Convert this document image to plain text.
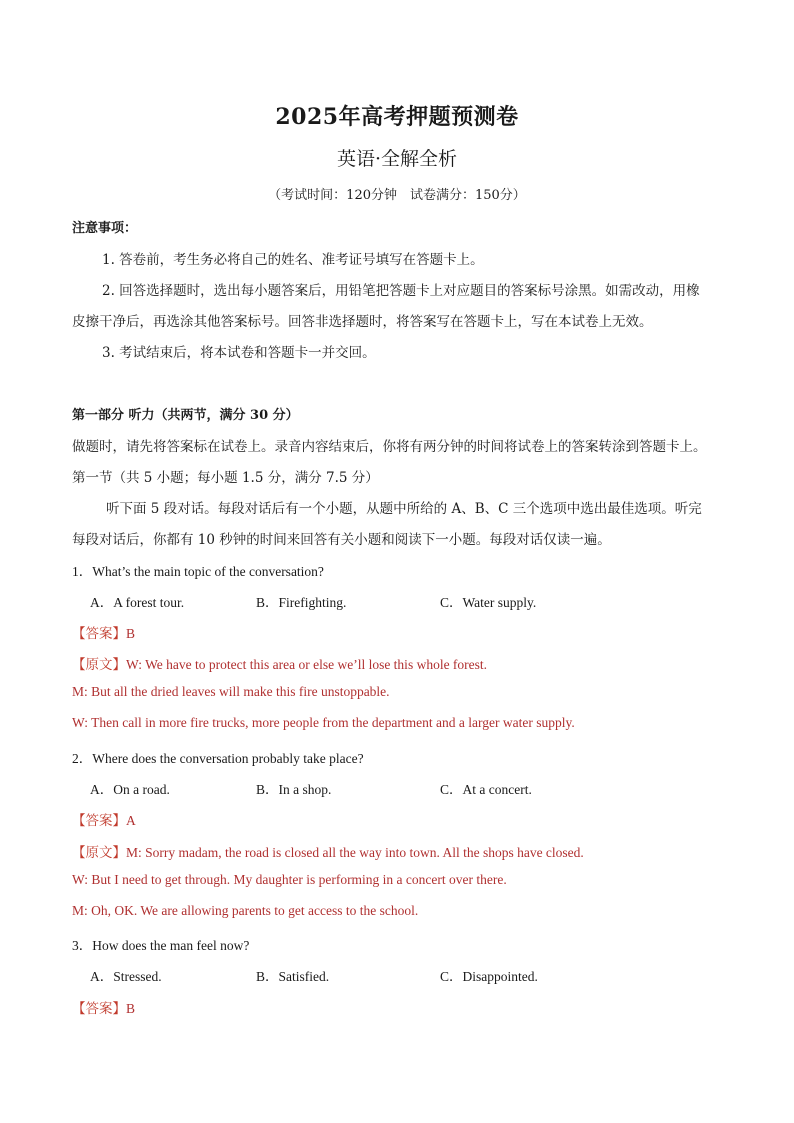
2025年高考押题预测卷
英语·全解全析
（考试时间：120分钟　试卷满分：150分）
注意事项：
1. 答卷前，考生务必将自己的姓名、准考证号填写在答题卡上。
2. 回答选择题时，选出每小题答案后，用铅笔把答题卡上对应题目的答案标号涂黑。如需改动，用橡
皮擦干净后，再选涂其他答案标号。回答非选择题时，将答案写在答题卡上，写在本试卷上无效。
3. 考试结束后，将本试卷和答题卡一并交回。
第一部分 听力（共两节，满分 30 分）
做题时，请先将答案标在试卷上。录音内容结束后，你将有两分钟的时间将试卷上的答案转涂到答题卡上。
第一节（共 5 小题；每小题 1.5 分，满分 7.5 分）
听下面 5 段对话。每段对话后有一个小题，从题中所给的 A、B、C 三个选项中选出最佳选项。听完
每段对话后，你都有 10 秒钟的时间来回答有关小题和阅读下一小题。每段对话仅读一遍。
1．What’s the main topic of the conversation?
A．A forest tour.	B．Firefighting.	C．Water supply.
【答案】B
【原文】W: We have to protect this area or else we’ll lose this whole forest.
M: But all the dried leaves will make this fire unstoppable.
W: Then call in more fire trucks, more people from the department and a larger water supply.
2．Where does the conversation probably take place?
A．On a road.	B．In a shop.	C．At a concert.
【答案】A
【原文】M: Sorry madam, the road is closed all the way into town. All the shops have closed.
W: But I need to get through. My daughter is performing in a concert over there.
M: Oh, OK. We are allowing parents to get access to the school.
3．How does the man feel now?
A．Stressed.	B．Satisfied.	C．Disappointed.
【答案】B
